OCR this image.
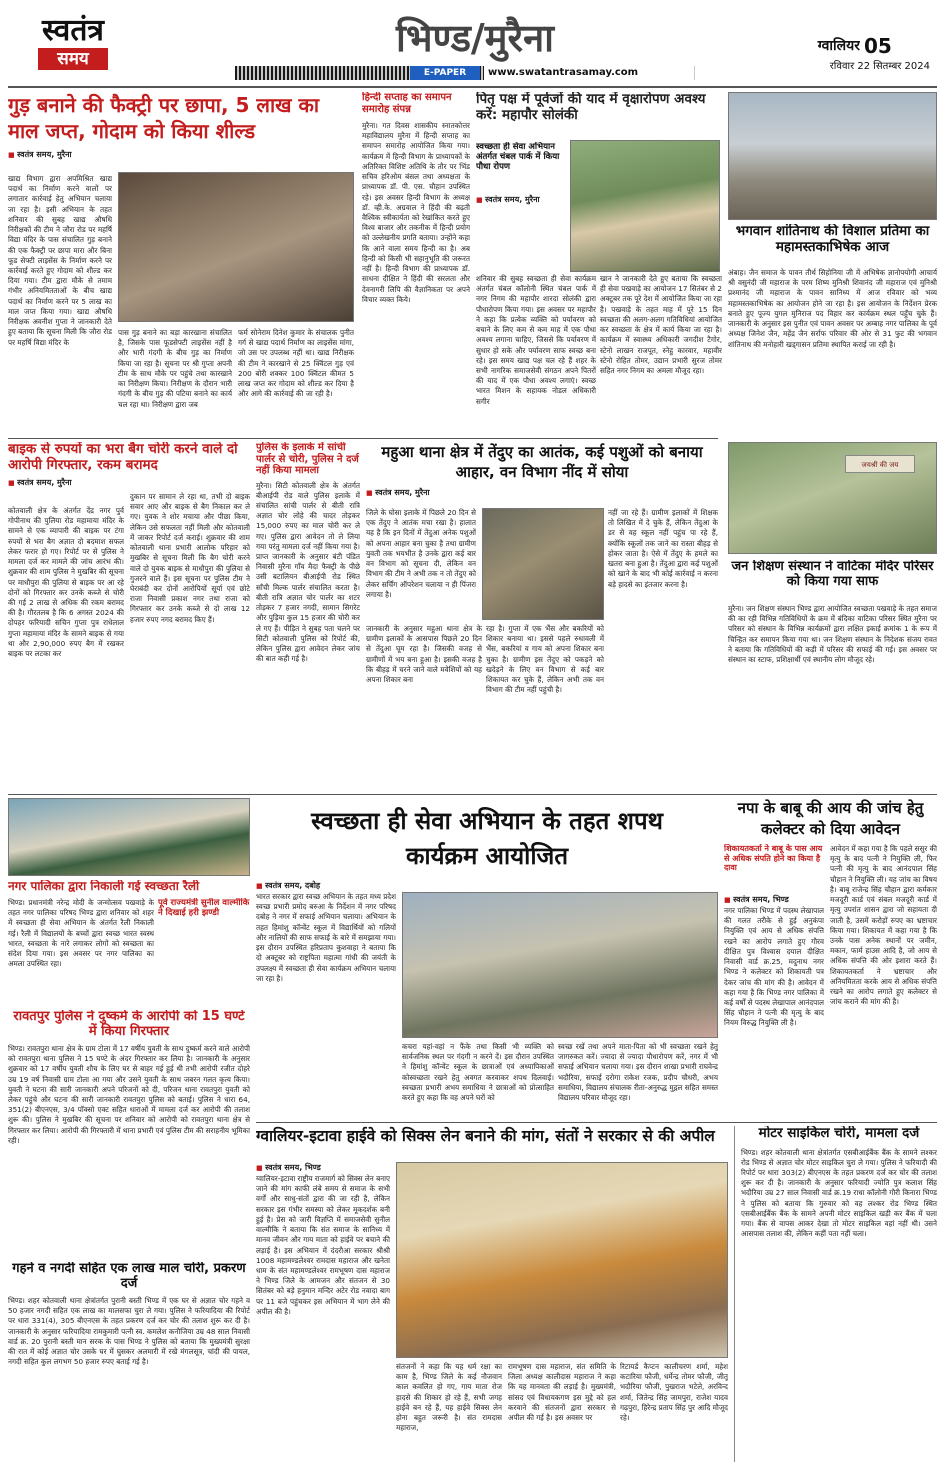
स्वतंत्र
समय	भिण्ड/मुरैना
E-PAPER	www.swatantrasamay.com
ग्वालियर 05
रविवार 22 सितम्बर 2024
गुड़ बनाने की फैक्ट्री पर छापा, 5 लाख का माल जप्त, गोदाम को किया शील्ड
■ स्वतंत्र समय, मुरैना
खाद्य विभाग द्वारा अपमिश्रित खाद्य पदार्थ का निर्माण करने वालों पर लगातार कार्रवाई हेतु अभियान चलाया जा रहा है। इसी अभियान के तहत शनिवार की सुबह खाद्य औषधि निरीक्षकों की टीम ने जौरा रोड पर महर्षि विद्या मंदिर के पास संचालित गुड़ बनाने की एक फैक्ट्री पर छापा मारा और बिना फूड सेफ्टी लाइसेंस के निर्माण करने पर कार्रवाई करते हुए गोदाम को शील्ड कर दिया गया। टीम द्वारा मौके से तमाम गंभीर अनियमितताओं के बीच खाद्य पदार्थ का निर्माण करने पर 5 लाख का माल जप्त किया गया। खाद्य औषधि निरीक्षक अवनीश गुप्ता ने जानकारी देते हुए बताया कि सूचना मिली कि जौरा रोड पर महर्षि विद्या मंदिर के
पास गुड़ बनाने का बड़ा कारखाना संचालित है, जिसके पास फूडसेफ्टी लाइसेंस नहीं है और भारी गंदगी के बीच गुड़ का निर्माण किया जा रहा है। सूचना पर श्री गुप्ता अपनी टीम के साथ मौके पर पहुंचे तथा कारखाने का निरीक्षण किया। निरीक्षण के दौरान भारी गंदगी के बीच गुड़ की पटिया बनाने का कार्य चल रहा था। निरीक्षण द्वारा जब
फर्म सोनेराम दिनेश कुमार के संचालक पुनीत गर्ग से खाद्य पदार्थ निर्माण का लाइसेंस मांगा, जो उस पर उपलब्ध नहीं था। खाद्य निरीक्षक की टीम ने कारखाने से 25 क्विंटल गुड़ एवं 200 बोरी शक्कर 100 क्विंटल कीमत 5 लाख जप्त कर गोदाम को शील्ड कर दिया है और आगे की कार्रवाई की जा रही है।
हिन्दी सप्ताह का समापन समारोह संपन्न
मुरैना। गत दिवस शासकीय स्नातकोत्तर महाविद्यालय मुरैना में हिन्दी सप्ताह का समापन समारोह आयोजित किया गया। कार्यक्रम में हिन्दी विभाग के प्राध्यापकों के अतिरिक्त विशिष्ट अतिथि के तौर पर भिंड सचिव हरिओम बंसल तथा अध्यक्षता के प्राध्यापक डॉ. पी. एस. चौहान उपस्थित रहे। इस अवसर हिन्दी विभाग के अध्यक्ष डॉ. व्ही.के. अग्रवाल ने हिंदी की बढ़ती वैश्विक स्वीकार्यता को रेखांकित करते हुए विश्व बाजार और तकनीक में हिन्दी प्रयोग को उल्लेखनीय प्रगति बताया। उन्होंने कहा कि आने वाला समय हिन्दी का है। अब हिन्दी को किसी भी सहानुभूति की जरूरत नहीं है। हिन्दी विभाग की प्राध्यापक डॉ. साधना दीक्षित ने हिंदी की सरलता और देवनागरी लिपि की वैज्ञानिकता पर अपने विचार व्यक्त किये।
पितृ पक्ष में पूर्वजों की याद में वृक्षारोपण अवश्य करें: महापौर सोलंकी
स्वच्छता ही सेवा अभियान अंतर्गत चंबल पार्क में किया पौधा रोपण
■ स्वतंत्र समय, मुरैना
शनिवार की सुबह स्वच्छता ही सेवा कार्यक्रम अंतर्गत चंबल कॉलोनी स्थित चंबल पार्क में नगर निगम की महापौर शारदा सोलंकी द्वारा पौधारोपण किया गया। इस अवसर पर महापौर ने कहा कि प्रत्येक व्यक्ति को पर्यावरण को बचाने के लिए कम से कम माह में एक पौधा अवश्य लगाना चाहिए, जिससे कि पर्यावरण में सुधार हो सके और पर्यावरण साफ स्वच्छ बना रहे। इस समय खाद्य पक्ष चल रहे हैं शहर के सभी नागरिक समाजसेवी संगठन अपने पितरों की याद में एक पौधा अवश्य लगाएं। स्वच्छ भारत मिशन के सहायक नोडल अधिकारी सगीर
खान ने जानकारी देते हुए बताया कि स्वच्छता ही सेवा पखवाड़े का आयोजन 17 सितंबर से 2 अक्टूबर तक पूरे देश में आयोजित किया जा रहा है। पखवाड़े के तहत माह में पूरे 15 दिन स्वच्छता की अलग-अलग गतिविधियां आयोजित कर स्वच्छता के क्षेत्र में कार्य किया जा रहा है। कार्यक्रम में स्वास्थ्य अधिकारी जगदीश टैगोर, स्टेनो लाखन राजपूत, स्नेहु कारवार, महावीर स्टेनो रोहित तोमर, उद्यान प्रभारी सुरज तोमर सहित नगर निगम का अमला मौजूद रहा।
भगवान शांतिनाथ की विशाल प्रतिमा का महामस्तकाभिषेक आज
अंबाह। जैन समाज के पावन तीर्थ सिहोनिया जी में अभिषेक ज्ञानोपयोगी आचार्य श्री वसुनंदी जी महाराज के परम शिष्य मुनिश्री शिवानंद जी महाराज एवं मुनिश्री प्रश्मानंद जी महाराज के पावन सानिध्य में आज रविवार को भव्य महामस्तकाभिषेक का आयोजन होने जा रहा है। इस आयोजन के निर्देशन प्रेरक बनाते हुए पूज्य युगल मुनिराज पद विहार कर कार्यक्रम स्थल पहुँच चुके हैं। जानकारी के अनुसार इस पुनीत एवं पावन अवसर पर अम्बाह नगर पालिका के पूर्व अध्यक्ष जिनेश जैन, महेंद्र जैन सर्राफ परिवार की ओर से 31 फुट की भगवान शांतिनाथ की मनोहारी खड्गासन प्रतिमा स्थापित कराई जा रही है।
बाइक से रुपयों का भरा बैग चोरी करने वाले दो आरोपी गिरफ्तार, रकम बरामद
■ स्वतंत्र समय, मुरैना
कोतवाली क्षेत्र के अंतर्गत देंद्र नगर पुर्व गोपीनाथ की पुलिया रोड महामाया मंदिर के सामने से एक व्यापारी की बाइक पर टंगा रुपयों से भरा बैग अज्ञात दो बदमाश सफल लेकर फरार हो गए। रिपोर्ट पर से पुलिस ने मामला दर्ज कर मामले की जांच आरंभ की। शुक्रवार की शाम पुलिस ने मुखबिर की सूचना पर माधौपुरा की पुलिया से बाइक पर आ रहे दोनों को गिरफ्तार कर उनके कब्जे से चोरी की गई 2 लाख से अधिक की रकम बरामद की है। गौरतलब है कि 6 अगस्त 2024 की दोपहर फरियादी सचिन गुप्ता पुत्र राधेलाल गुप्ता महामाया मंदिर के सामने बाइक से गया था और 2,90,000 रुपए बैग में रखकर बाइक पर लटका कर
दुकान पर सामान ले रहा था, तभी दो बाइक सवार आए और बाइक से बैग निकाल कर ले गए। युवक ने शोर मचाया और पीछा किया, लेकिन उसे सफलता नहीं मिली और कोतवाली में जाकर रिपोर्ट दर्ज कराई। शुक्रवार की शाम कोतवाली थाना प्रभारी आलोक परिहार को मुखबिर से सूचना मिली कि बैग चोरी करने वाले दो युवक बाइक से माधौपुरा की पुलिया से गुजरने वाले हैं। इस सूचना पर पुलिस टीम ने घेराबंदी कर दोनों आरोपियों सूर्या एवं छोटे राजा निवासी प्रकाश नगर तथा राजा को गिरफ्तार कर उनके कब्जे से दो लाख 12 हजार रुपए नगद बरामद किए हैं।
पुलिस के इलाके में सांची पार्लर से चोरी, पुलिस ने दर्ज नहीं किया मामला
मुरैना। सिटी कोतवाली क्षेत्र के अंतर्गत बीआईपी रोड वाले पुलिस इलाके में संचालित सांची पार्लर से बीती रात्रि अज्ञात चोर लोहे की चादर तोड़कर 15,000 रुपए का माल चोरी कर ले गए। पुलिस द्वारा आवेदन तो ले लिया गया परंतु मामला दर्ज नहीं किया गया है। प्राप्त जानकारी के अनुसार बंटी पंडित निवासी मुरैना गाँव मैदा फैक्ट्री के पीछे उसी बटालियन बीआईपी रोड स्थित साँची मिल्क पार्लर संचालित करता है। बीती रात्रि अज्ञात चोर पार्लर का शटर तोड़कर 7 हजार नगदी, सामान सिगरेट और पुड़िया कुल 15 हजार की चोरी कर ले गए हैं। पीड़ित ने सुबह पता चलने पर सिटी कोतवाली पुलिस को रिपोर्ट की, लेकिन पुलिस द्वारा आवेदन लेकर जांच की बात कही गई है।
महुआ थाना क्षेत्र में तेंदुए का आतंक, कई पशुओं को बनाया आहार, वन विभाग नींद में सोया
■ स्वतंत्र समय, मुरैना
जिले के घोसा इलाके में पिछले 20 दिन से एक तेंदुए ने आतंक मचा रखा है। हालात यह है कि इन दिनों में तेंदुआ अनेक पशुओं को अपना आहार बना चुका है तथा ग्रामीण युवती तक भयभीत है उनके द्वारा कई बार वन विभाग को सूचना दी, लेकिन वन विभाग की टीम ने अभी तक न तो तेंदुए को लेकर सर्चिंग ऑपरेशन चलाया न ही पिंजरा लगाया है।
नहीं जा रहे हैं। ग्रामीण इलाकों में शिक्षक तो लिखित में दे चुके हैं, लेकिन तेंदुआ के डर से वह स्कूल नहीं पहुंच पा रहे हैं, क्योंकि स्कूलों तक जाने का रास्ता बीहड़ से होकर जाता है। ऐसे में तेंदुए के हमले का खतरा बना हुआ है। तेंदुआ द्वारा कई पशुओं को खाने के बाद भी कोई कार्रवाई न करना बड़े हादसे का इंतजार करना है।
जानकारी के अनुसार महुआ थाना क्षेत्र के ग्रामीण इलाकों के आसपास पिछले 20 दिन से तेंदुआ घूम रहा है। जिसकी वजह से ग्रामीणों में भय बना हुआ है। इसकी वजह है कि बीहड़ में चरने जाने वाले मवेशियों को यह अपना शिकार बना
रहा है। गुप्ता में एक भैंस और बकरियों को शिकार बनाया था। इससे पहले रुधावली में भैंस, बकरियां व गाय को अपना शिकार बना चुका है। ग्रामीण इस तेंदुए को पकड़ने को खदेड़ने के लिए वन विभाग से कई बार शिकायत कर चुके हैं, लेकिन अभी तक वन विभाग की टीम नहीं पहुंची है।
जयश्री की जय
जन शिक्षण संस्थान ने वाटिका मंदिर परिसर को किया गया साफ
मुरैना। जन शिक्षण संस्थान भिण्ड द्वारा आयोजित स्वच्छता पखवाड़े के तहत समाज की का रही विभिन्न गतिविधियों के क्रम में बंदिका वाटिका परिसर स्थित मुरैना पर परिसर को संस्थान के विभिन्न कार्यक्रमों द्वारा लक्षित इकाई क्रमांक 1 के रूप में चिन्हित कर समापन किया गया था। जन शिक्षण संस्थान के निदेशक संजय रावत ने बताया कि गतिविधियों की कड़ी में परिसर की सफाई की गई। इस अवसर पर संस्थान का स्टाफ, प्रशिक्षार्थी एवं स्थानीय लोग मौजूद रहे।
नगर पालिका द्वारा निकाली गई स्वच्छता रैली
पूर्व राज्यमंत्री सुनील वाल्मीकि ने दिखाई हरी झण्डी
भिण्ड। प्रधानमंत्री नरेन्द्र मोदी के जन्मोत्सव पखवाड़े के तहत नगर पालिका परिषद भिण्ड द्वारा शनिवार को शहर में स्वच्छता ही सेवा अभियान के अंतर्गत रैली निकाली गई। रैली में विद्यालयों के बच्चों द्वारा स्वच्छ भारत स्वस्थ भारत, स्वच्छता के नारे लगाकर लोगों को स्वच्छता का संदेश दिया गया। इस अवसर पर नगर पालिका का अमला उपस्थित रहा।
स्वच्छता ही सेवा अभियान के तहत शपथ कार्यक्रम आयोजित
■ स्वतंत्र समय, दबोह
भारत सरकार द्वारा स्वच्छ अभियान के तहत मध्य प्रदेश स्वच्छ प्रभारी प्रमोद बरुआ के निर्देशन में नगर परिषद दबोह ने नगर में सफाई अभियान चलाया। अभियान के तहत हिमांशु कॉन्वेंट स्कूल में विद्यार्थियों को गलियों और नालियों की साफ सफाई के बारे में समझाया गया। इस दौरान उपस्थित हरिप्रताप कुशवाहा ने बताया कि दो अक्टूबर को राष्ट्रपिता महात्मा गांधी की जयंती के उपलक्ष्य में स्वच्छता ही सेवा कार्यक्रम अभियान चलाया जा रहा है।
कचरा यहां-वहां न फैंके तथा किसी भी व्यक्ति को सार्वजनिक स्थल पर गंदगी न करने दें। इस दौरान उपस्थित ने हिमांशु कॉन्वेंट स्कूल के छात्राओं एवं अध्यापिकाओं कोस्वच्छता रखने हेतु अवगत करवाकर शपथ दिलवाई। स्वच्छता प्रभारी अभय समाधिया ने छात्राओं को प्रोत्साहित करते हुए कहा कि वह अपने घरों को
स्वच्छ रखें तथा अपने माता-पिता को भी स्वच्छता रखने हेतु जागरुकत करें। ज्यादा से ज्यादा पौधारोपण करें, नगर में भी सफाई अभियान चलाया गया। इस दौरान शाखा प्रभारी राघवेन्द्र भदौरिया, सफाई दरोगा राकेश रजक, प्रदीप चौधरी, अभय समाधिया, विद्यालय संचालक रीता-अनुरुद्ध मुद्गल सहित समस्त विद्यालय परिवार मौजूद रहा।
नपा के बाबू की आय की जांच हेतु कलेक्टर को दिया आवेदन
शिकायतकर्ता ने बाबू के पास आय से अधिक संपति होने का किया है दावा
■ स्वतंत्र समय, भिण्ड
नगर पालिका भिण्ड में पदस्थ लेखापाल की गलत तरीके से हुई अनुकंपा नियुक्ति एवं आय से अधिक संपत्ति रखने का आरोप लगाते हुए गौरव दीक्षित पुत्र विश्वास दयाल दीक्षित निवासी वार्ड क्र.25, मदुनाथ नगर भिण्ड ने कलेक्टर को शिकायती पत्र देकर जांच की मांग की है। आवेदन में कहा गया है कि भिण्ड नगर पालिका में कई वर्षों से पदस्थ लेखापाल आनंदपाल सिंह चौहान ने पत्नी की मृत्यु के बाद नियम विरुद्ध नियुक्ति ली है।
आवेदन में कहा गया है कि पहले ससुर की मृत्यु के बाद पत्नी ने नियुक्ति ली, फिर पत्नी की मृत्यु के बाद आनंदपाल सिंह चौहान ने नियुक्ति ली। यह जांच का विषय है। बाबू राजेन्द्र सिंह चौहान द्वारा कर्मकार मजदूरी कार्ड एवं संबल मजदूरी कार्ड में मृत्यु उपरांत शासन द्वारा जो सहायता दी जाती है, उसमें करोड़ों रुपए का भ्रष्टाचार किया गया। शिकायत में कहा गया है कि उनके पास अनेक स्थानों पर जमीन, मकान, फार्म हाउस आदि है, जो आय से अधिक संपत्ति की ओर इशारा करते हैं। शिकायतकर्ता ने भ्रष्टाचार और अनियमितता करके आय से अधिक संपत्ति रखने का आरोप लगाते हुए कलेक्टर से जांच कराने की मांग की है।
रावतपुर पुलिस ने दुष्कर्म के आरोपी को 15 घण्टे में किया गिरफ्तार
भिण्ड। रावतपुरा थाना क्षेत्र के ग्राम टोला में 17 वर्षीय युवती के साथ दुष्कर्म करने वाले आरोपी को रावतपुरा थाना पुलिस ने 15 घण्टे के अंदर गिरफ्तार कर लिया है। जानकारी के अनुसार शुक्रवार को 17 वर्षीय युवती शौच के लिए घर से बाहर गई हुई थी तभी आरोपी रजीत दोहरे उम्र 19 वर्ष निवासी ग्राम टोला आ गया और उसने युवती के साथ जबरन गलत कृत्य किया। युवती ने घटना की सारी जानकारी अपने परिजनों को दी, परिजन थाना रावतपुरा युवती को लेकर पहुंचे और घटना की सारी जानकारी रावतपुरा पुलिस को बताई। पुलिस ने धारा 64, 351(2) बीएनएस, 3/4 पॉक्सो एक्ट सहित धाराओं में मामला दर्ज कर आरोपी की तलाश शुरू की। पुलिस ने मुखबिर की सूचना पर शनिवार को आरोपी को रावतपुरा थाना क्षेत्र से गिरफ्तार कर लिया। आरोपी की गिरफ्तारी में थाना प्रभारी एवं पुलिस टीम की सराहनीय भूमिका रही।
गहने व नगदी सहित एक लाख माल चोरी, प्रकरण दर्ज
भिण्ड। शहर कोतवाली थाना क्षेत्रांतर्गत पुरानी बस्ती भिण्ड में एक घर से अज्ञात चोर गहने व 50 हजार नगदी सहित एक लाख का मालसफा चुरा ले गया। पुलिस ने फरियादिया की रिपोर्ट पर धारा 331(4), 305 बीएनएस के तहत प्रकरण दर्ज कर चोर की तलाश शुरू कर दी है। जानकारी के अनुसार फरियादिया रामकुमारी पत्नी स्व. कमलेश कनौजिया उम्र 48 साल निवासी वार्ड क्र. 20 पुरानी बस्ती मान सरक के पास भिण्ड ने पुलिस को बताया कि मुख्यमंत्री सुरक्षा की रात में कोई अज्ञात चोर उसके घर में घुसकर अलमारी में रखे मंगलसूत्र, चांदी की पायल, नगदी सहित कुल लगभग 50 हजार रुपए बताई गई है।
ग्वालियर-इटावा हाईवे को सिक्स लेन बनाने की मांग, संतों ने सरकार से की अपील
■ स्वतंत्र समय, भिण्ड
ग्वालियर-इटावा राष्ट्रीय राजमार्ग को सिक्स लेन बनाए जाने की मांग काफी लंबे समय से समाज के सभी वर्गों और साधु-संतों द्वारा की जा रही है, लेकिन सरकार इस गंभीर समस्या को लेकर मूकदर्शक बनी हुई है। प्रेस को जारी विज्ञप्ति में समाजसेवी सुनील वाल्मीकि ने बताया कि संत समाज के सानिध्य में मानव जीवन और गाय माता को हाईवे पर बचाने की लड़ाई है। इस अभियान में दंदरौआ सरकार श्रीश्री 1008 महामण्डलेश्वर रामदास महाराज और खनेता धाम के संत महामण्डलेश्वर रामभूषण दास महाराज ने भिण्ड जिले के आमजन और संतजन से 30 सितंबर को बड़े हनुमान मन्दिर अटेर रोड नवादा बाग पर 11 बजे पहुंचकर इस अभियान में भाग लेने की अपील की है।
संतजनों ने कहा कि यह धर्म रक्षा का काम है, भिण्ड जिले के कई नौजवान काल कवलित हो गए, गाय माता रोज हादसे की शिकार हो रहे हैं, सभी जगह हाईवे बन रहे हैं, यह हाईवे सिक्स लेन होना बहुत जरूरी है। संत रामदास महाराज,
रामभूषण दास महाराज, संत समिति के जिला अध्यक्ष कालीदास महाराज ने कहा कि यह मानवता की लड़ाई है। मुख्यमंत्री, सांसद एवं विधायकगण इस मुद्दे को हल करवाने की संतजनों द्वारा सरकार से अपील की गई है। इस अवसर पर
रिटायर्ड कैप्टन कालीचरण शर्मा, महेश कटारिया फौजी, धर्मेन्द्र तोमर फौजी, जीतू भदौरिया फौजी, पुखराज भटेले, अरविन्द शर्मा, जितेन्द्र सिंह जामपुरा, राजेश यादव गढ़पुरा, हिरेन्द्र प्रताप सिंह पुर आदि मौजूद रहे।
मोटर साइकिल चोरी, मामला दर्ज
भिण्ड। शहर कोतवाली थाना क्षेत्रांतर्गत एसबीआईबैंक बैंक के सामने लश्कर रोड भिण्ड से अज्ञात चोर मोटर साइकिल चुरा ले गया। पुलिस ने फरियादी की रिपोर्ट पर धारा 303(2) बीएनएस के तहत प्रकरण दर्ज कर चोर की तलाश शुरू कर दी है। जानकारी के अनुसार फरियादी ज्योति पुत्र कलाश सिंह भदौरिया उम्र 27 साल निवासी वार्ड क्र.19 राधा कॉलोनी गौरी किनारा भिण्ड ने पुलिस को बताया कि गुरुवार को वह लश्कर रोड भिण्ड स्थित एसबीआईबैंक बैंक के सामने अपनी मोटर साइकिल खड़ी कर बैंक में चला गया। बैंक से वापस आकर देखा तो मोटर साइकिल वहां नहीं थी। उसने आसपास तलाश की, लेकिन कहीं पता नहीं चला।
